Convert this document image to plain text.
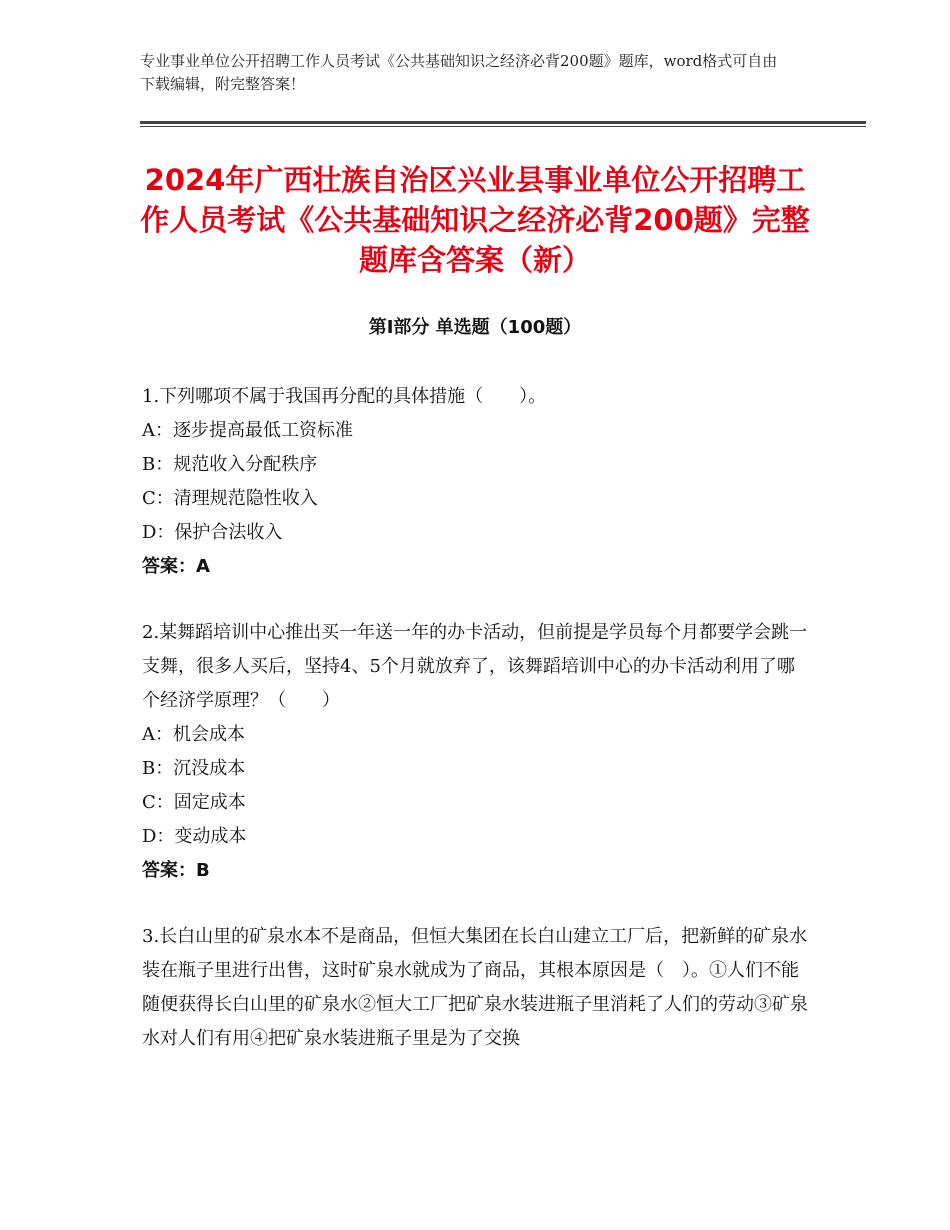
专业事业单位公开招聘工作人员考试《公共基础知识之经济必背200题》题库，word格式可自由下载编辑，附完整答案！
2024年广西壮族自治区兴业县事业单位公开招聘工作人员考试《公共基础知识之经济必背200题》完整题库含答案（新）
第Ⅰ部分 单选题（100题）
1.下列哪项不属于我国再分配的具体措施（　　）。
A：逐步提高最低工资标准
B：规范收入分配秩序
C：清理规范隐性收入
D：保护合法收入
答案：A
2.某舞蹈培训中心推出买一年送一年的办卡活动，但前提是学员每个月都要学会跳一支舞，很多人买后，坚持4、5个月就放弃了，该舞蹈培训中心的办卡活动利用了哪个经济学原理？（　　）
A：机会成本
B：沉没成本
C：固定成本
D：变动成本
答案：B
3.长白山里的矿泉水本不是商品，但恒大集团在长白山建立工厂后，把新鲜的矿泉水装在瓶子里进行出售，这时矿泉水就成为了商品，其根本原因是（　）。①人们不能随便获得长白山里的矿泉水②恒大工厂把矿泉水装进瓶子里消耗了人们的劳动③矿泉水对人们有用④把矿泉水装进瓶子里是为了交换
